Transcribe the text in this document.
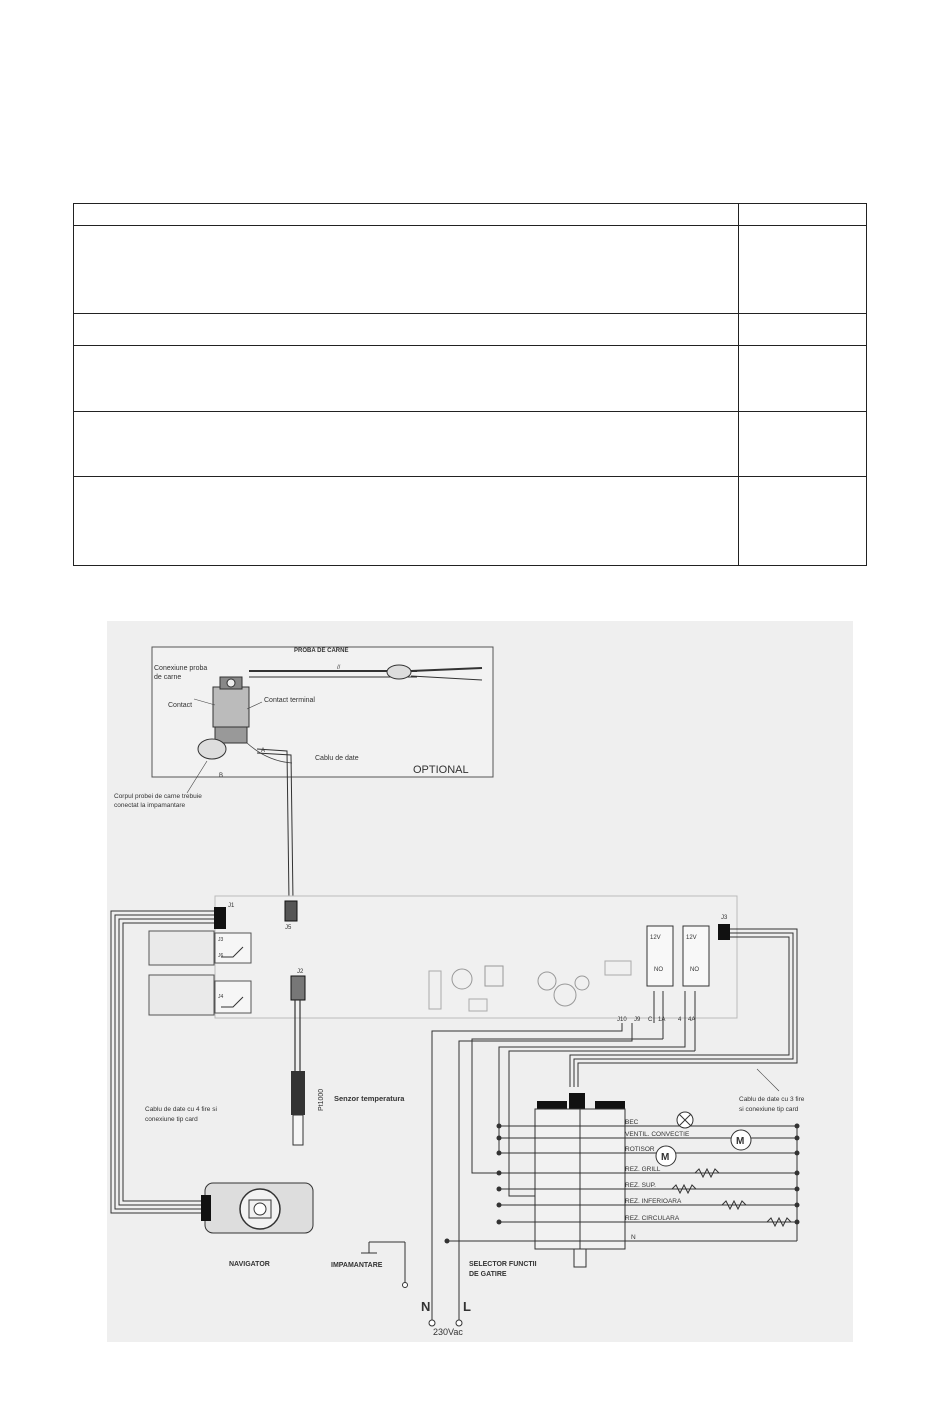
//
Conexiune proba
de carne
Contact
Contact terminal
Cablu de date
PROBA DE CARNE
OPTIONAL
A
B
Corpul probei de carne trebuie
conectat la impamantare
J1
J5
J2
J3
12V	12V
NO	NO
J10 J9 C 1A 4 4A
J3
J6
J4
Cablu de date cu 4 fire si
conexiune tip card
NAVIGATOR
Senzor temperatura
Pt1000	Cablu de date cu 3 fire
si conexiune tip card
SELECTOR FUNCTII
DE GATIRE
M
M
BEC
VENTIL. CONVECTIE
ROTISOR
REZ. GRILL
REZ. SUP.
REZ. INFERIOARA
REZ. CIRCULARA
N
IMPAMANTARE
N	L
230Vac
